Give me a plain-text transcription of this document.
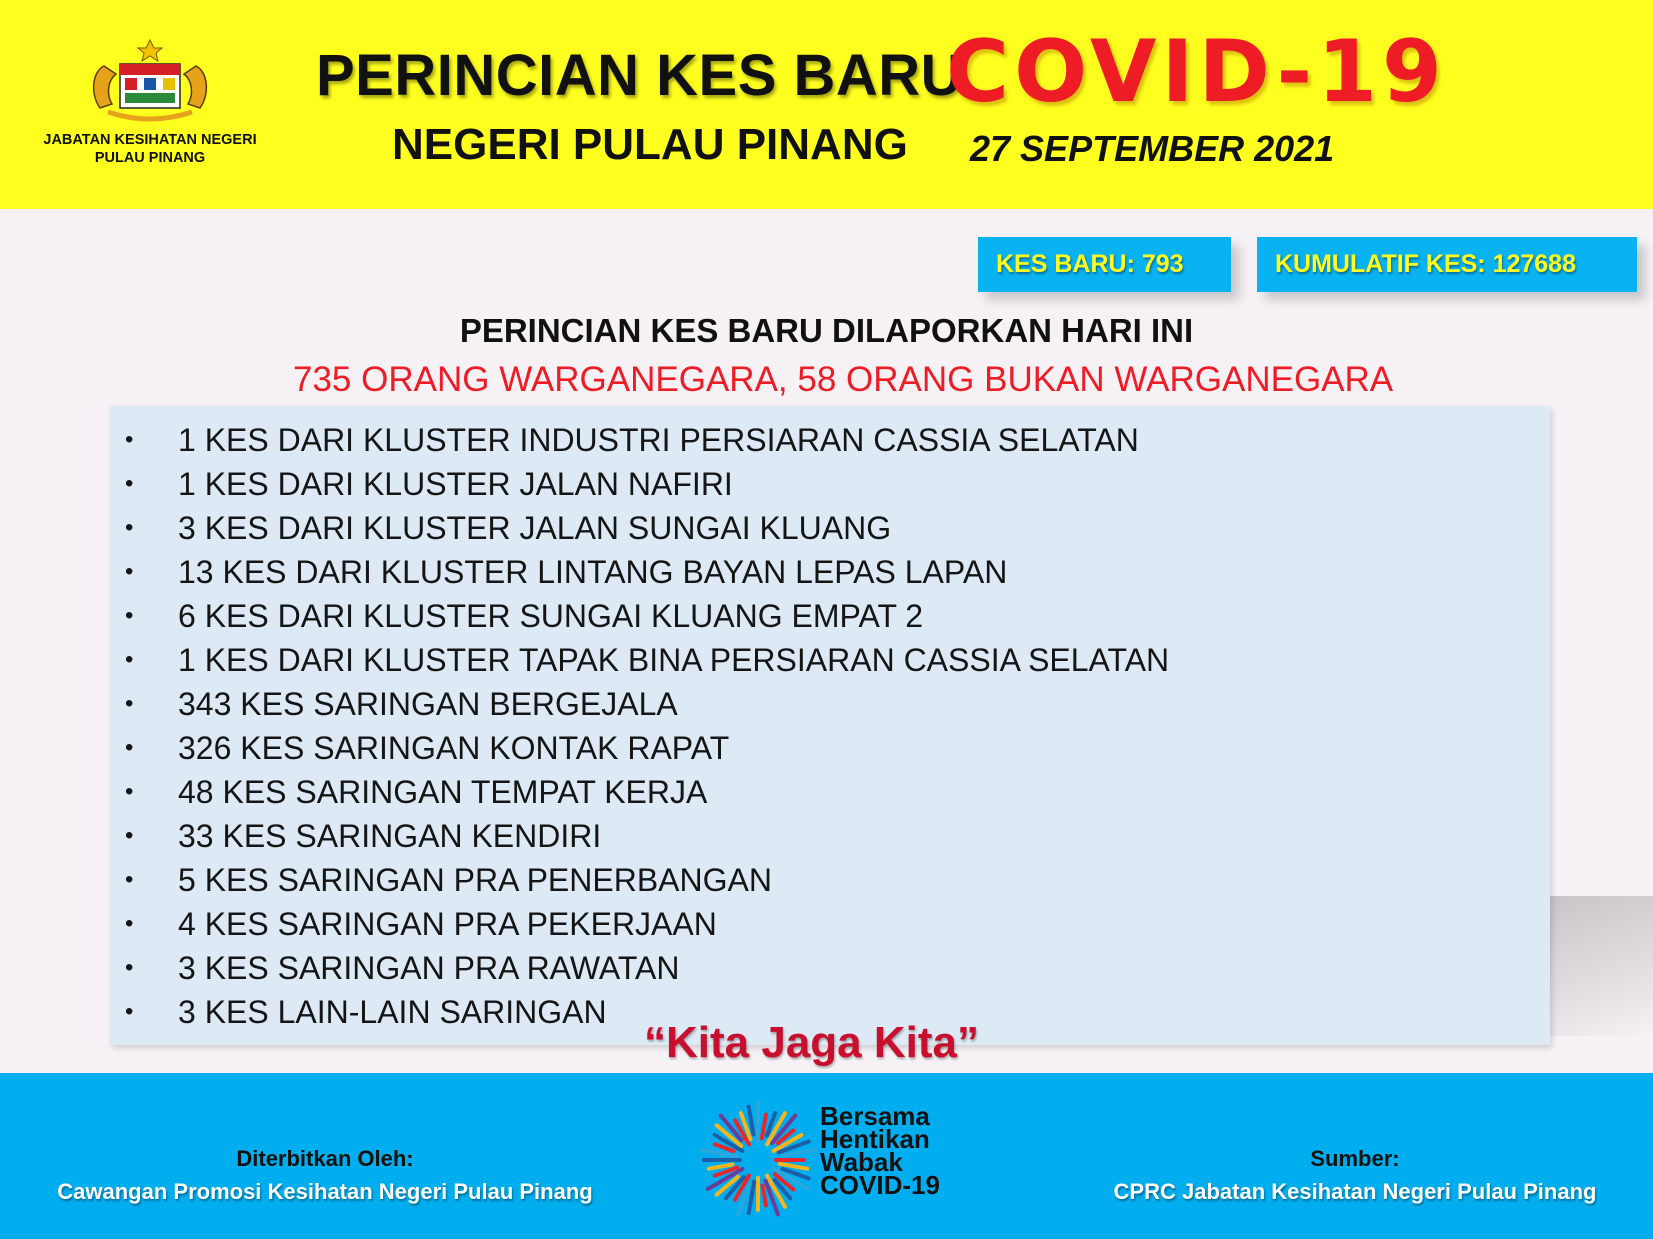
JABATAN KESIHATAN NEGERI
PULAU PINANG
PERINCIAN KES BARU
COVID-19
NEGERI PULAU PINANG 27 SEPTEMBER 2021
KES BARU: 793	KUMULATIF KES: 127688
PERINCIAN KES BARU DILAPORKAN HARI INI
735 ORANG WARGANEGARA, 58 ORANG BUKAN WARGANEGARA
• 1 KES DARI KLUSTER INDUSTRI PERSIARAN CASSIA SELATAN
• 1 KES DARI KLUSTER JALAN NAFIRI
• 3 KES DARI KLUSTER JALAN SUNGAI KLUANG
• 13 KES DARI KLUSTER LINTANG BAYAN LEPAS LAPAN
• 6 KES DARI KLUSTER SUNGAI KLUANG EMPAT 2
• 1 KES DARI KLUSTER TAPAK BINA PERSIARAN CASSIA SELATAN
• 343 KES SARINGAN BERGEJALA
• 326 KES SARINGAN KONTAK RAPAT
• 48 KES SARINGAN TEMPAT KERJA
• 33 KES SARINGAN KENDIRI
• 5 KES SARINGAN PRA PENERBANGAN
• 4 KES SARINGAN PRA PEKERJAAN
• 3 KES SARINGAN PRA RAWATAN
• 3 KES LAIN-LAIN SARINGAN
“Kita Jaga Kita”
Diterbitkan Oleh:
Cawangan Promosi Kesihatan Negeri Pulau Pinang
Bersama
Hentikan
Wabak
COVID-19
Sumber:
CPRC Jabatan Kesihatan Negeri Pulau Pinang
